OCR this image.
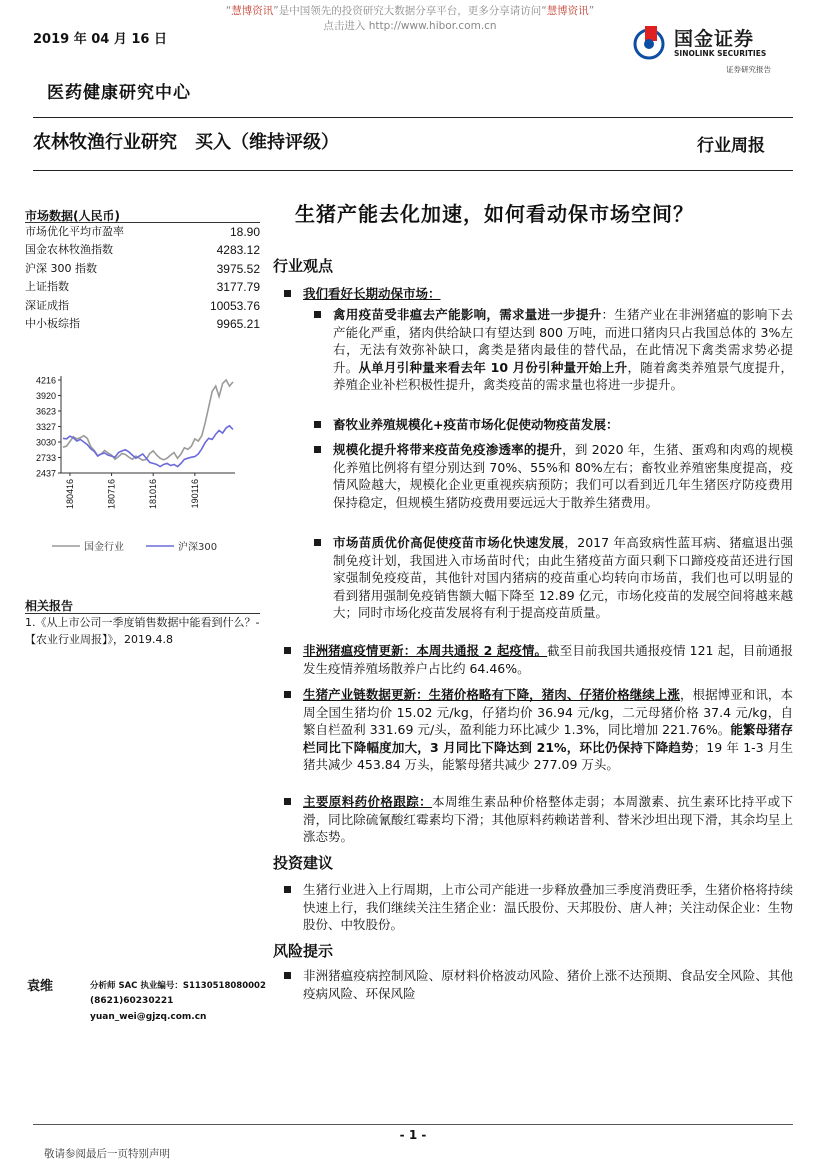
“慧博资讯”是中国领先的投资研究大数据分享平台，更多分享请访问“慧博资讯”
点击进入 http://www.hibor.com.cn
2019 年 04 月 16 日	国金证券
SINOLINK SECURITIES
证券研究报告
医药健康研究中心
农林牧渔行业研究　买入（维持评级）	行业周报
市场数据(人民币)
市场优化平均市盈率	18.90
国金农林牧渔指数	4283.12
沪深 300 指数	3975.52
上证指数	3177.79
深证成指	10053.76
中小板综指	9965.21
4216
3920
3623
3327
3030
2733
2437
180416	180716	181016	190116
国金行业	沪深300
相关报告
1.《从上市公司一季度销售数据中能看到什么？-【农业行业周报】》，2019.4.8
袁维	分析师 SAC 执业编号：S1130518080002
(8621)60230221
yuan_wei@gjzq.com.cn
生猪产能去化加速，如何看动保市场空间？
行业观点
我们看好长期动保市场：
禽用疫苗受非瘟去产能影响，需求量进一步提升：生猪产业在非洲猪瘟的影响下去产能化严重，猪肉供给缺口有望达到 800 万吨，而进口猪肉只占我国总体的 3%左右，无法有效弥补缺口，禽类是猪肉最佳的替代品，在此情况下禽类需求势必提升。从单月引种量来看去年 10 月份引种量开始上升，随着禽类养殖景气度提升，养殖企业补栏积极性提升，禽类疫苗的需求量也将进一步提升。
畜牧业养殖规模化+疫苗市场化促使动物疫苗发展：
规模化提升将带来疫苗免疫渗透率的提升，到 2020 年，生猪、蛋鸡和肉鸡的规模化养殖比例将有望分别达到 70%、55%和 80%左右；畜牧业养殖密集度提高，疫情风险越大，规模化企业更重视疾病预防；我们可以看到近几年生猪医疗防疫费用保持稳定，但规模生猪防疫费用要远远大于散养生猪费用。
市场苗质优价高促使疫苗市场化快速发展，2017 年高致病性蓝耳病、猪瘟退出强制免疫计划，我国进入市场苗时代；由此生猪疫苗方面只剩下口蹄疫疫苗还进行国家强制免疫疫苗，其他针对国内猪病的疫苗重心均转向市场苗，我们也可以明显的看到猪用强制免疫销售额大幅下降至 12.89 亿元，市场化疫苗的发展空间将越来越大；同时市场化疫苗发展将有利于提高疫苗质量。
非洲猪瘟疫情更新：本周共通报 2 起疫情。截至目前我国共通报疫情 121 起，目前通报发生疫情养殖场散养户占比约 64.46%。
生猪产业链数据更新：生猪价格略有下降，猪肉、仔猪价格继续上涨，根据博亚和讯，本周全国生猪均价 15.02 元/kg，仔猪均价 36.94 元/kg，二元母猪价格 37.4 元/kg，自繁自栏盈利 331.69 元/头，盈利能力环比减少 1.3%，同比增加 221.76%。能繁母猪存栏同比下降幅度加大，3 月同比下降达到 21%，环比仍保持下降趋势；19 年 1-3 月生猪共减少 453.84 万头，能繁母猪共减少 277.09 万头。
主要原料药价格跟踪：本周维生素品种价格整体走弱；本周激素、抗生素环比持平或下滑，同比除硫氰酸红霉素均下滑；其他原料药赖诺普利、替米沙坦出现下滑，其余均呈上涨态势。
投资建议
生猪行业进入上行周期，上市公司产能进一步释放叠加三季度消费旺季，生猪价格将持续快速上行，我们继续关注生猪企业：温氏股份、天邦股份、唐人神；关注动保企业：生物股份、中牧股份。
风险提示
非洲猪瘟疫病控制风险、原材料价格波动风险、猪价上涨不达预期、食品安全风险、其他疫病风险、环保风险
- 1 -
敬请参阅最后一页特别声明
